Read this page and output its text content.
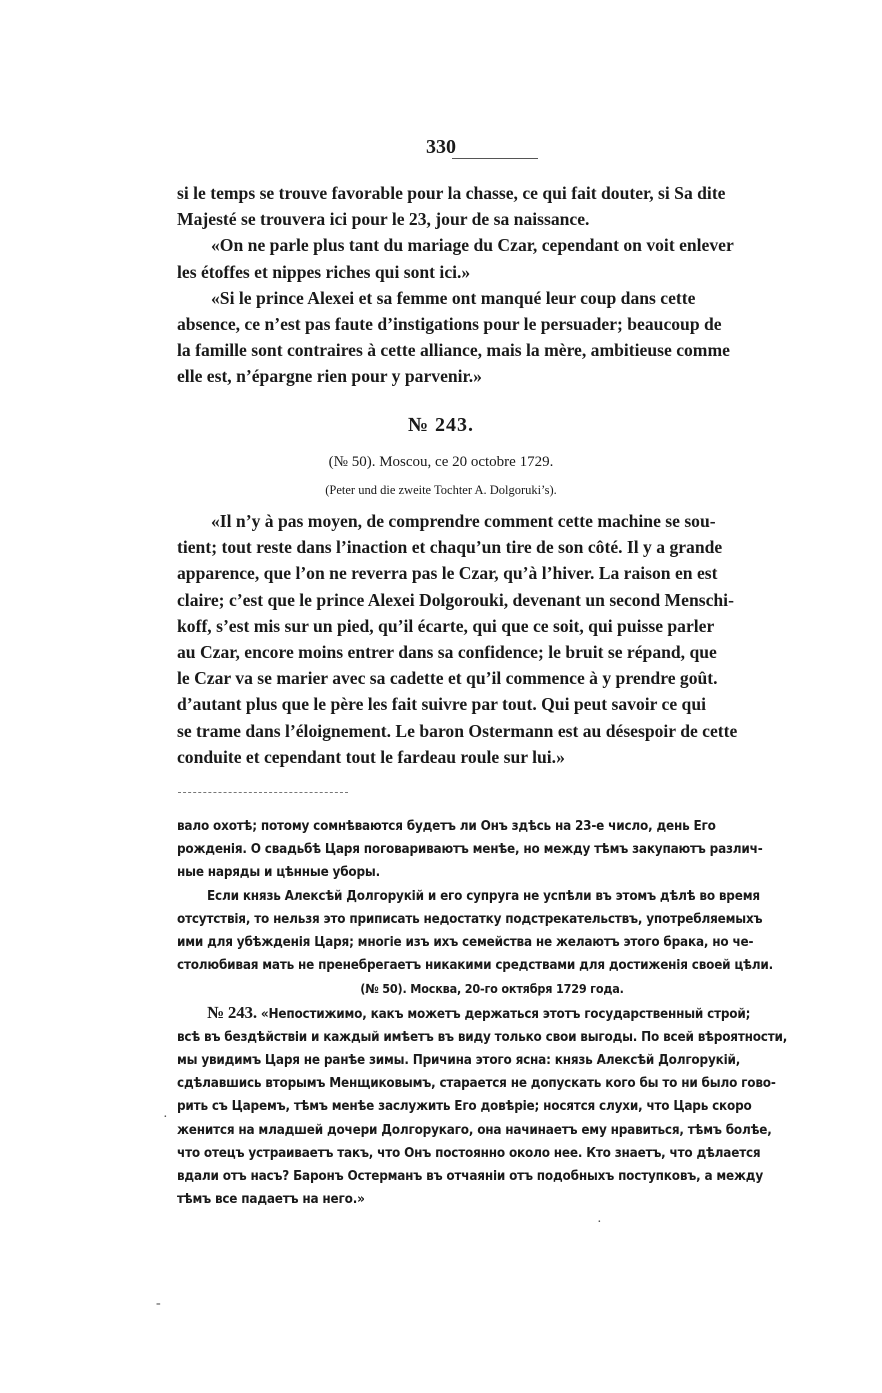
330

si le temps se trouve favorable pour la chasse, ce qui fait douter, si Sa dite

Majesté se trouvera ici pour le 23, jour de sa naissance.

«On ne parle plus tant du mariage du Czar, cependant on voit enlever

les étoffes et nippes riches qui sont ici.»

«Si le prince Alexei et sa femme ont manqué leur coup dans cette

absence, ce n’est pas faute d’instigations pour le persuader; beaucoup de

la famille sont contraires à cette alliance, mais la mère, ambitieuse comme

elle est, n’épargne rien pour y parvenir.»

№ 243.
(№ 50). Moscou, ce 20 octobre 1729.
(Peter und die zweite Tochter A. Dolgoruki’s).

«Il n’y à pas moyen, de comprendre comment cette machine se sou-

tient; tout reste dans l’inaction et chaqu’un tire de son côté. Il y a grande

apparence, que l’on ne reverra pas le Czar, qu’à l’hiver. La raison en est

claire; c’est que le prince Alexei Dolgorouki, devenant un second Menschi-

koff, s’est mis sur un pied, qu’il écarte, qui que ce soit, qui puisse parler

au Czar, encore moins entrer dans sa confidence; le bruit se répand, que

le Czar va se marier avec sa cadette et qu’il commence à y prendre goût.

d’autant plus que le père les fait suivre par tout. Qui peut savoir ce qui

se trame dans l’éloignement. Le baron Ostermann est au désespoir de cette

conduite et cependant tout le fardeau roule sur lui.»

вало охотѣ; потому сомнѣваются будетъ ли Онъ здѣсь на 23-е число, день Его

рожденія. О свадьбѣ Царя поговариваютъ менѣе, но между тѣмъ закупаютъ различ-

ные наряды и цѣнные уборы.

Если князь Алексѣй Долгорукій и его супруга не успѣли въ этомъ дѣлѣ во время

отсутствія, то нельзя это приписать недостатку подстрекательствъ, употребляемыхъ

ими для убѣжденія Царя; многіе изъ ихъ семейства не желаютъ этого брака, но че-

столюбивая мать не пренебрегаетъ никакими средствами для достиженія своей цѣли.

(№ 50). Москва, 20-го октября 1729 года.

№ 243. «Непостижимо, какъ можетъ держаться этотъ государственный строй;

всѣ въ бездѣйствіи и каждый имѣетъ въ виду только свои выгоды. По всей вѣроятности,

мы увидимъ Царя не ранѣе зимы. Причина этого ясна: князь Алексѣй Долгорукій,

сдѣлавшись вторымъ Менщиковымъ, старается не допускать кого бы то ни было гово-

рить съ Царемъ, тѣмъ менѣе заслужить Его довѣріе; носятся слухи, что Царь скоро

женится на младшей дочери Долгорукаго, она начинаетъ ему нравиться, тѣмъ болѣе,

что отецъ устраиваетъ такъ, что Онъ постоянно около нее. Кто знаетъ, что дѣлается

вдали отъ насъ? Баронъ Остерманъ въ отчаяніи отъ подобныхъ поступковъ, а между

тѣмъ все падаетъ на него.»

·
·
-
